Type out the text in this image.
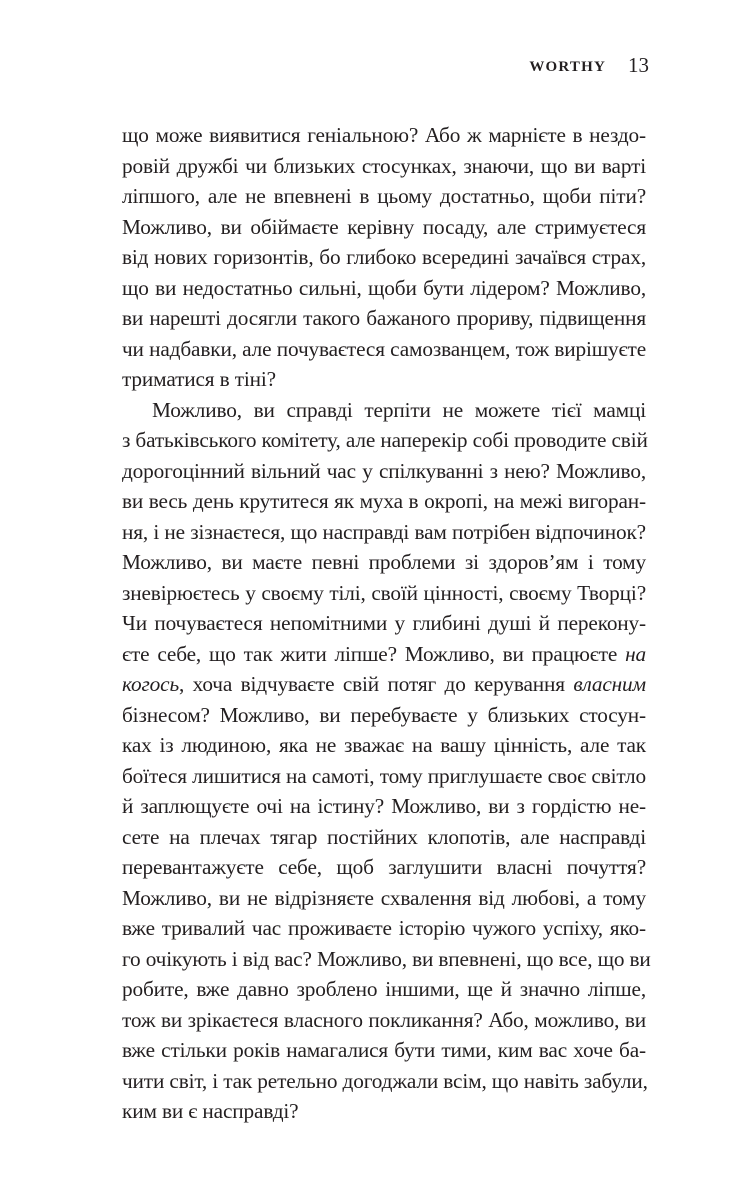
WORTHY 13
що може виявитися геніальною? Або ж марнієте в нездо-
ровій дружбі чи близьких стосунках, знаючи, що ви варті
ліпшого, але не впевнені в цьому достатньо, щоби піти?
Можливо, ви обіймаєте керівну посаду, але стримуєтеся
від нових горизонтів, бо глибоко всередині зачаївся страх,
що ви недостатньо сильні, щоби бути лідером? Можливо,
ви нарешті досягли такого бажаного прориву, підвищення
чи надбавки, але почуваєтеся самозванцем, тож вирішуєте
триматися в тіні?
Можливо, ви справді терпіти не можете тієї мамці
з батьківського комітету, але наперекір собі проводите свій
дорогоцінний вільний час у спілкуванні з нею? Можливо,
ви весь день крутитеся як муха в окропі, на межі вигоран-
ня, і не зізнаєтеся, що насправді вам потрібен відпочинок?
Можливо, ви маєте певні проблеми зі здоров’ям і тому
зневірюєтесь у своєму тілі, своїй цінності, своєму Творці?
Чи почуваєтеся непомітними у глибині душі й перекону-
єте себе, що так жити ліпше? Можливо, ви працюєте на
когось, хоча відчуваєте свій потяг до керування власним
бізнесом? Можливо, ви перебуваєте у близьких стосун-
ках із людиною, яка не зважає на вашу цінність, але так
боїтеся лишитися на самоті, тому приглушаєте своє світло
й заплющуєте очі на істину? Можливо, ви з гордістю не-
сете на плечах тягар постійних клопотів, але насправді
перевантажуєте себе, щоб заглушити власні почуття?
Можливо, ви не відрізняєте схвалення від любові, а тому
вже тривалий час проживаєте історію чужого успіху, яко-
го очікують і від вас? Можливо, ви впевнені, що все, що ви
робите, вже давно зроблено іншими, ще й значно ліпше,
тож ви зрікаєтеся власного покликання? Або, можливо, ви
вже стільки років намагалися бути тими, ким вас хоче ба-
чити світ, і так ретельно догоджали всім, що навіть забули,
ким ви є насправді?
